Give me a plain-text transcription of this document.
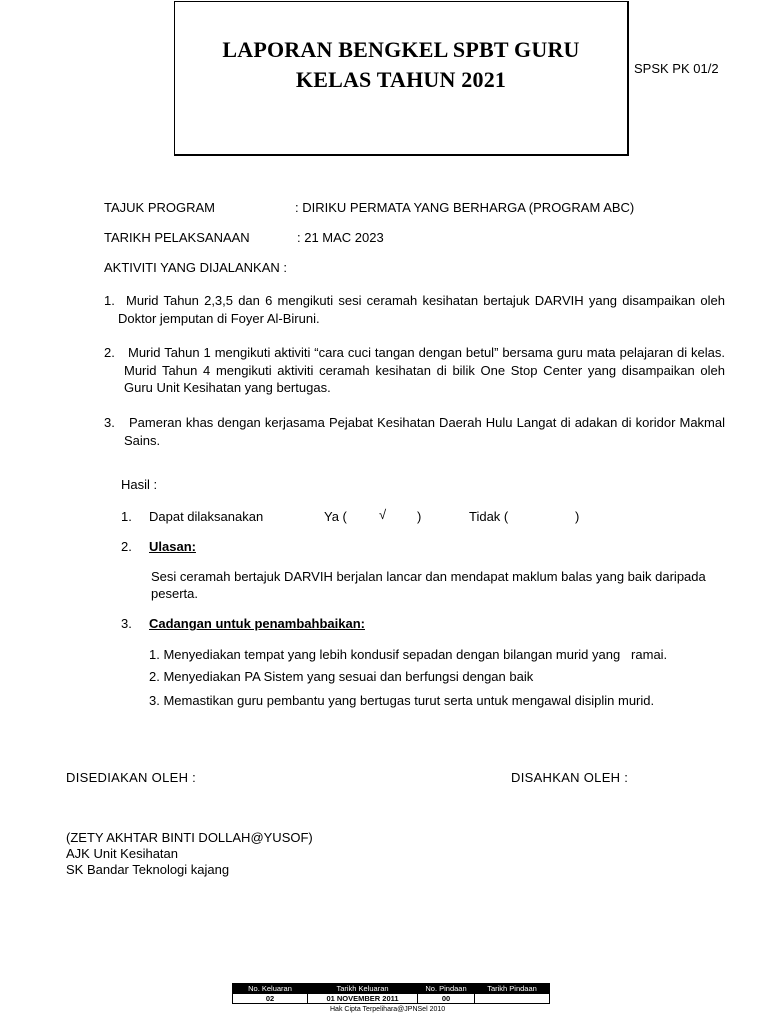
LAPORAN BENGKEL SPBT GURU
KELAS TAHUN 2021	SPSK PK 01/2
TAJUK PROGRAM	: DIRIKU PERMATA YANG BERHARGA (PROGRAM ABC)
TARIKH PELAKSANAAN	: 21 MAC 2023
AKTIVITI YANG DIJALANKAN :
1. Murid Tahun 2,3,5 dan 6 mengikuti sesi ceramah kesihatan bertajuk DARVIH yang disampaikan oleh Doktor jemputan di Foyer Al-Biruni.
2.	Murid Tahun 1 mengikuti aktiviti “cara cuci tangan dengan betul” bersama guru mata pelajaran di kelas. Murid Tahun 4 mengikuti aktiviti ceramah kesihatan di bilik One Stop Center yang disampaikan oleh Guru Unit Kesihatan yang bertugas.
3.	Pameran khas dengan kerjasama Pejabat Kesihatan Daerah Hulu Langat di adakan di koridor Makmal Sains.
Hasil :
1. Dapat dilaksanakan	Ya ( √ )	Tidak (	)
2. Ulasan:
Sesi ceramah bertajuk DARVIH berjalan lancar dan mendapat maklum balas yang baik daripada peserta.
3. Cadangan untuk penambahbaikan:
1. Menyediakan tempat yang lebih kondusif sepadan dengan bilangan murid yang   ramai.
2. Menyediakan PA Sistem yang sesuai dan berfungsi dengan baik
3. Memastikan guru pembantu yang bertugas turut serta untuk mengawal disiplin murid.
DISEDIAKAN OLEH :	DISAHKAN OLEH :
(ZETY AKHTAR BINTI DOLLAH@YUSOF)
AJK Unit Kesihatan
SK Bandar Teknologi kajang
No. Keluaran	Tarikh Keluaran	No. Pindaan	Tarikh Pindaan
02	01 NOVEMBER 2011	00	
Hak Cipta Terpelihara@JPNSel 2010
